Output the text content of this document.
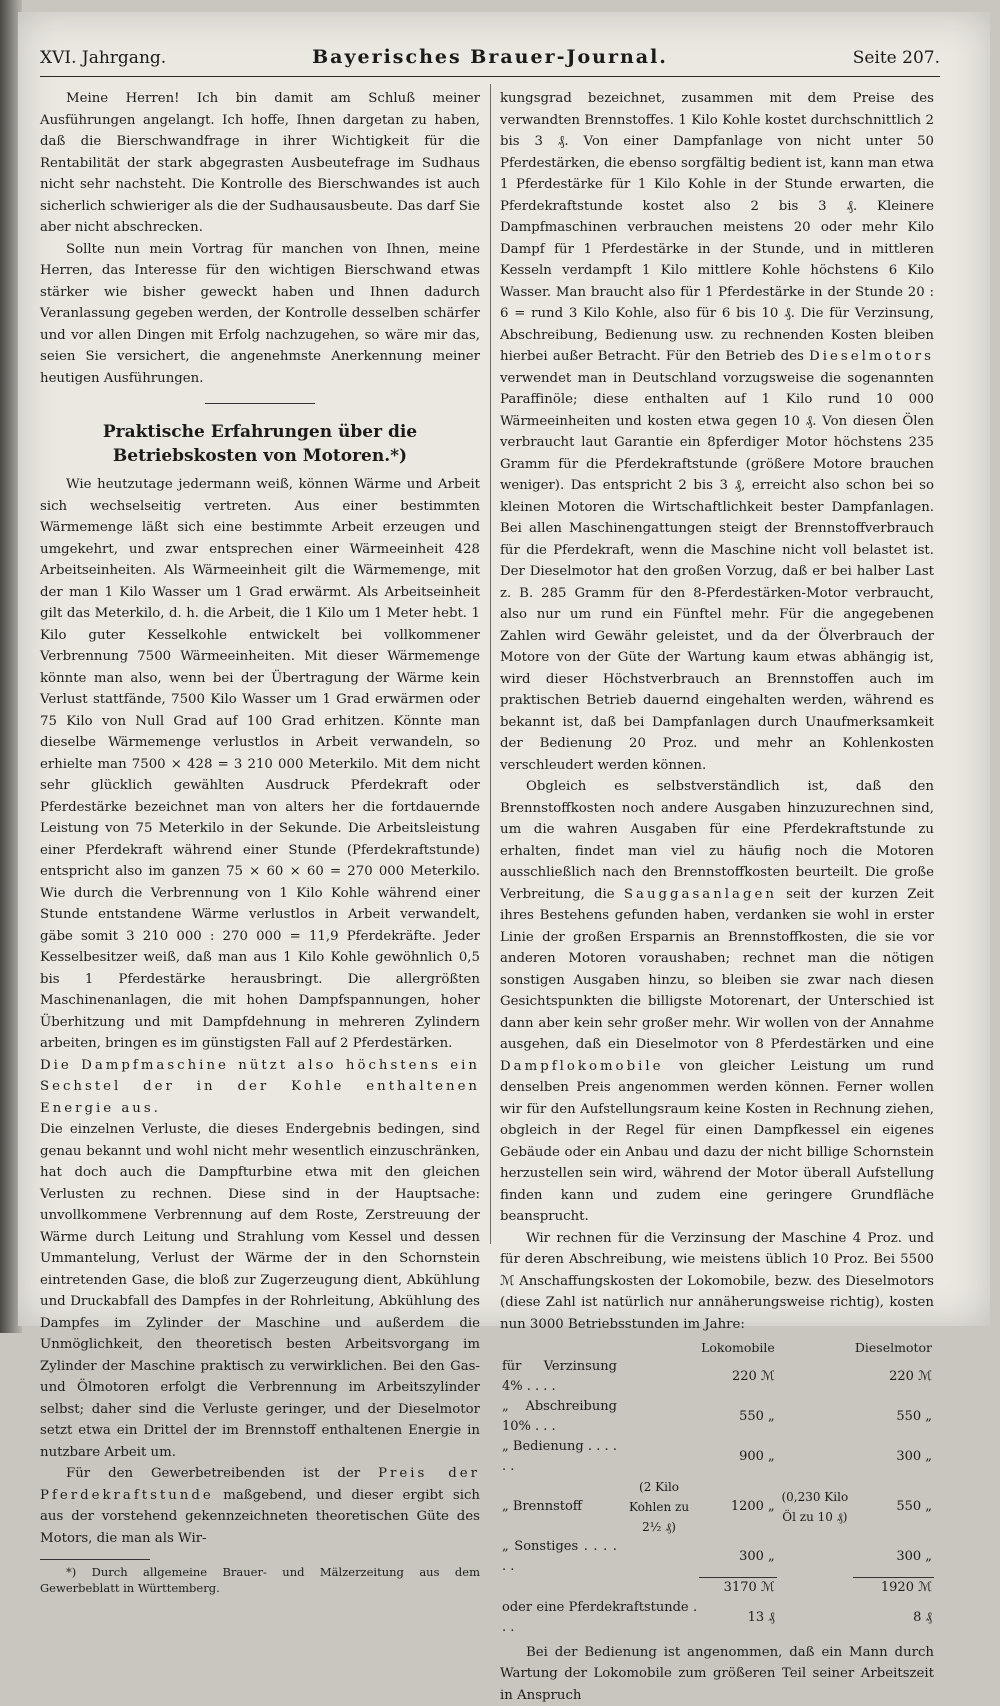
XVI. Jahrgang.	Bayerisches Brauer-Journal.	Seite 207.

Meine Herren! Ich bin damit am Schluß meiner Ausführungen angelangt. Ich hoffe, Ihnen dargetan zu haben, daß die Bierschwandfrage in ihrer Wichtigkeit für die Rentabilität der stark abgegrasten Ausbeutefrage im Sudhaus nicht sehr nachsteht. Die Kontrolle des Bierschwandes ist auch sicherlich schwieriger als die der Sudhausausbeute. Das darf Sie aber nicht abschrecken.

Sollte nun mein Vortrag für manchen von Ihnen, meine Herren, das Interesse für den wichtigen Bierschwand etwas stärker wie bisher geweckt haben und Ihnen dadurch Veranlassung gegeben werden, der Kontrolle desselben schärfer und vor allen Dingen mit Erfolg nachzugehen, so wäre mir das, seien Sie versichert, die angenehmste Anerkennung meiner heutigen Ausführungen.

Praktische Erfahrungen über die Betriebskosten von Motoren.*)

Wie heutzutage jedermann weiß, können Wärme und Arbeit sich wechselseitig vertreten. Aus einer bestimmten Wärmemenge läßt sich eine bestimmte Arbeit erzeugen und umgekehrt, und zwar entsprechen einer Wärmeeinheit 428 Arbeitseinheiten. Als Wärmeeinheit gilt die Wärmemenge, mit der man 1 Kilo Wasser um 1 Grad erwärmt. Als Arbeitseinheit gilt das Meterkilo, d. h. die Arbeit, die 1 Kilo um 1 Meter hebt. 1 Kilo guter Kesselkohle entwickelt bei vollkommener Verbrennung 7500 Wärmeeinheiten. Mit dieser Wärmemenge könnte man also, wenn bei der Übertragung der Wärme kein Verlust stattfände, 7500 Kilo Wasser um 1 Grad erwärmen oder 75 Kilo von Null Grad auf 100 Grad erhitzen. Könnte man dieselbe Wärmemenge verlustlos in Arbeit verwandeln, so erhielte man 7500 × 428 = 3 210 000 Meterkilo. Mit dem nicht sehr glücklich gewählten Ausdruck Pferdekraft oder Pferdestärke bezeichnet man von alters her die fortdauernde Leistung von 75 Meterkilo in der Sekunde. Die Arbeitsleistung einer Pferdekraft während einer Stunde (Pferdekraftstunde) entspricht also im ganzen 75 × 60 × 60 = 270 000 Meterkilo. Wie durch die Verbrennung von 1 Kilo Kohle während einer Stunde entstandene Wärme verlustlos in Arbeit verwandelt, gäbe somit 3 210 000 : 270 000 = 11,9 Pferdekräfte. Jeder Kesselbesitzer weiß, daß man aus 1 Kilo Kohle gewöhnlich 0,5 bis 1 Pferdestärke herausbringt. Die allergrößten Maschinenanlagen, die mit hohen Dampfspannungen, hoher Überhitzung und mit Dampfdehnung in mehreren Zylindern arbeiten, bringen es im günstigsten Fall auf 2 Pferdestärken.

Die Dampfmaschine nützt also höchstens ein Sechstel der in der Kohle enthaltenen Energie aus.

Die einzelnen Verluste, die dieses Endergebnis bedingen, sind genau bekannt und wohl nicht mehr wesentlich einzuschränken, hat doch auch die Dampfturbine etwa mit den gleichen Verlusten zu rechnen. Diese sind in der Hauptsache: unvollkommene Verbrennung auf dem Roste, Zerstreuung der Wärme durch Leitung und Strahlung vom Kessel und dessen Ummantelung, Verlust der Wärme der in den Schornstein eintretenden Gase, die bloß zur Zugerzeugung dient, Abkühlung und Druckabfall des Dampfes in der Rohrleitung, Abkühlung des Dampfes im Zylinder der Maschine und außerdem die Unmöglichkeit, den theoretisch besten Arbeitsvorgang im Zylinder der Maschine praktisch zu verwirklichen. Bei den Gas- und Ölmotoren erfolgt die Verbrennung im Arbeitszylinder selbst; daher sind die Verluste geringer, und der Dieselmotor setzt etwa ein Drittel der im Brennstoff enthaltenen Energie in nutzbare Arbeit um.

Für den Gewerbetreibenden ist der Preis der Pferdekraftstunde maßgebend, und dieser ergibt sich aus der vorstehend gekennzeichneten theoretischen Güte des Motors, die man als Wir-

*) Durch allgemeine Brauer- und Mälzerzeitung aus dem Gewerbeblatt in Württemberg.

kungsgrad bezeichnet, zusammen mit dem Preise des verwandten Brennstoffes. 1 Kilo Kohle kostet durchschnittlich 2 bis 3 ₰. Von einer Dampfanlage von nicht unter 50 Pferdestärken, die ebenso sorgfältig bedient ist, kann man etwa 1 Pferdestärke für 1 Kilo Kohle in der Stunde erwarten, die Pferdekraftstunde kostet also 2 bis 3 ₰. Kleinere Dampfmaschinen verbrauchen meistens 20 oder mehr Kilo Dampf für 1 Pferdestärke in der Stunde, und in mittleren Kesseln verdampft 1 Kilo mittlere Kohle höchstens 6 Kilo Wasser. Man braucht also für 1 Pferdestärke in der Stunde 20 : 6 = rund 3 Kilo Kohle, also für 6 bis 10 ₰. Die für Verzinsung, Abschreibung, Bedienung usw. zu rechnenden Kosten bleiben hierbei außer Betracht. Für den Betrieb des Dieselmotors verwendet man in Deutschland vorzugsweise die sogenannten Paraffinöle; diese enthalten auf 1 Kilo rund 10 000 Wärmeeinheiten und kosten etwa gegen 10 ₰. Von diesen Ölen verbraucht laut Garantie ein 8pferdiger Motor höchstens 235 Gramm für die Pferdekraftstunde (größere Motore brauchen weniger). Das entspricht 2 bis 3 ₰, erreicht also schon bei so kleinen Motoren die Wirtschaftlichkeit bester Dampfanlagen. Bei allen Maschinengattungen steigt der Brennstoffverbrauch für die Pferdekraft, wenn die Maschine nicht voll belastet ist. Der Dieselmotor hat den großen Vorzug, daß er bei halber Last z. B. 285 Gramm für den 8-Pferdestärken-Motor verbraucht, also nur um rund ein Fünftel mehr. Für die angegebenen Zahlen wird Gewähr geleistet, und da der Ölverbrauch der Motore von der Güte der Wartung kaum etwas abhängig ist, wird dieser Höchstverbrauch an Brennstoffen auch im praktischen Betrieb dauernd eingehalten werden, während es bekannt ist, daß bei Dampfanlagen durch Unaufmerksamkeit der Bedienung 20 Proz. und mehr an Kohlenkosten verschleudert werden können.

Obgleich es selbstverständlich ist, daß den Brennstoffkosten noch andere Ausgaben hinzuzurechnen sind, um die wahren Ausgaben für eine Pferdekraftstunde zu erhalten, findet man viel zu häufig noch die Motoren ausschließlich nach den Brennstoffkosten beurteilt. Die große Verbreitung, die Sauggasanlagen seit der kurzen Zeit ihres Bestehens gefunden haben, verdanken sie wohl in erster Linie der großen Ersparnis an Brennstoffkosten, die sie vor anderen Motoren voraushaben; rechnet man die nötigen sonstigen Ausgaben hinzu, so bleiben sie zwar nach diesen Gesichtspunkten die billigste Motorenart, der Unterschied ist dann aber kein sehr großer mehr. Wir wollen von der Annahme ausgehen, daß ein Dieselmotor von 8 Pferdestärken und eine Dampflokomobile von gleicher Leistung um rund denselben Preis angenommen werden können. Ferner wollen wir für den Aufstellungsraum keine Kosten in Rechnung ziehen, obgleich in der Regel für einen Dampfkessel ein eigenes Gebäude oder ein Anbau und dazu der nicht billige Schornstein herzustellen sein wird, während der Motor überall Aufstellung finden kann und zudem eine geringere Grundfläche beansprucht.

Wir rechnen für die Verzinsung der Maschine 4 Proz. und für deren Abschreibung, wie meistens üblich 10 Proz. Bei 5500 ℳ Anschaffungskosten der Lokomobile, bezw. des Dieselmotors (diese Zahl ist natürlich nur annäherungsweise richtig), kosten nun 3000 Betriebsstunden im Jahre:

		Lokomobile		Dieselmotor
für Verzinsung 4% . . . .		220 ℳ		220 ℳ
„ Abschreibung 10% . . .		550 „		550 „
„ Bedienung . . . . . .		900 „		300 „
„ Brennstoff	(2 Kilo Kohlen zu 2½ ₰)	1200 „	(0,230 Kilo Öl zu 10 ₰)	550 „
„ Sonstiges . . . . . .		300 „		300 „
		3170 ℳ		1920 ℳ
oder eine Pferdekraftstunde . . .		13 ₰		8 ₰

Bei der Bedienung ist angenommen, daß ein Mann durch Wartung der Lokomobile zum größeren Teil seiner Arbeitszeit in Anspruch
